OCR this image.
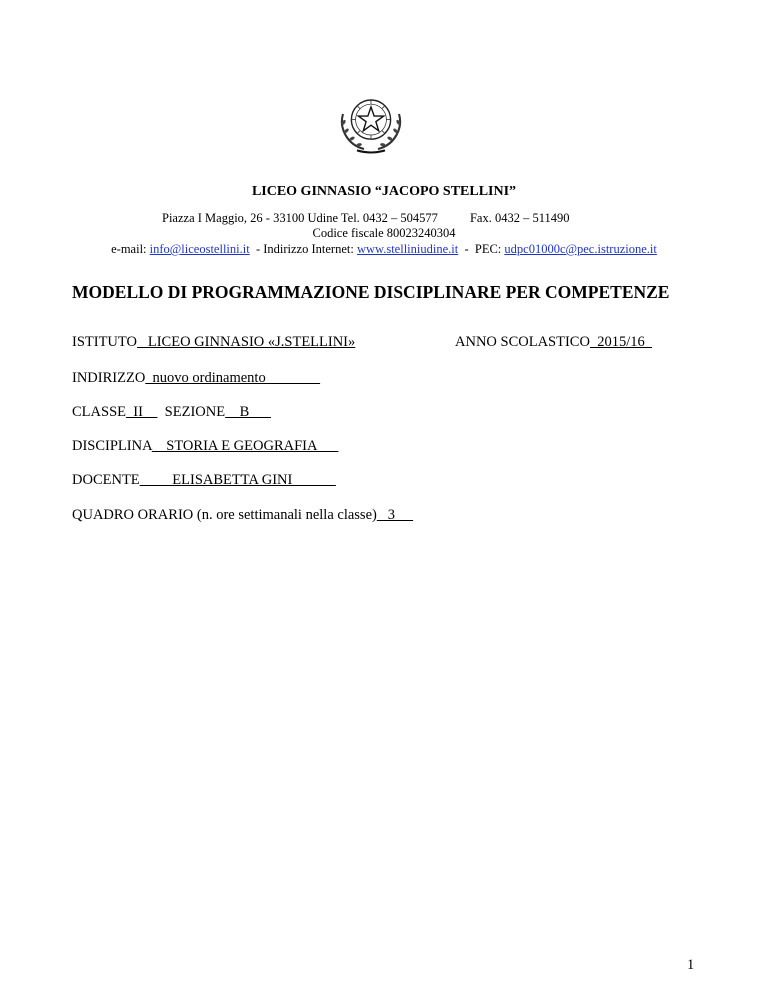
LICEO GINNASIO “JACOPO STELLINI”
Piazza I Maggio, 26 - 33100 Udine Tel. 0432 – 504577	Fax. 0432 – 511490
Codice fiscale 80023240304
e-mail: info@liceostellini.it  - Indirizzo Internet: www.stelliniudine.it  -  PEC: udpc01000c@pec.istruzione.it
MODELLO DI PROGRAMMAZIONE DISCIPLINARE PER COMPETENZE
ISTITUTO   LICEO GINNASIO «J.STELLINI»	ANNO SCOLASTICO  2015/16
INDIRIZZO  nuovo ordinamento
CLASSE  II      SEZIONE    B
DISCIPLINA    STORIA E GEOGRAFIA
DOCENTE         ELISABETTA GINI
QUADRO ORARIO (n. ore settimanali nella classe)   3
1
